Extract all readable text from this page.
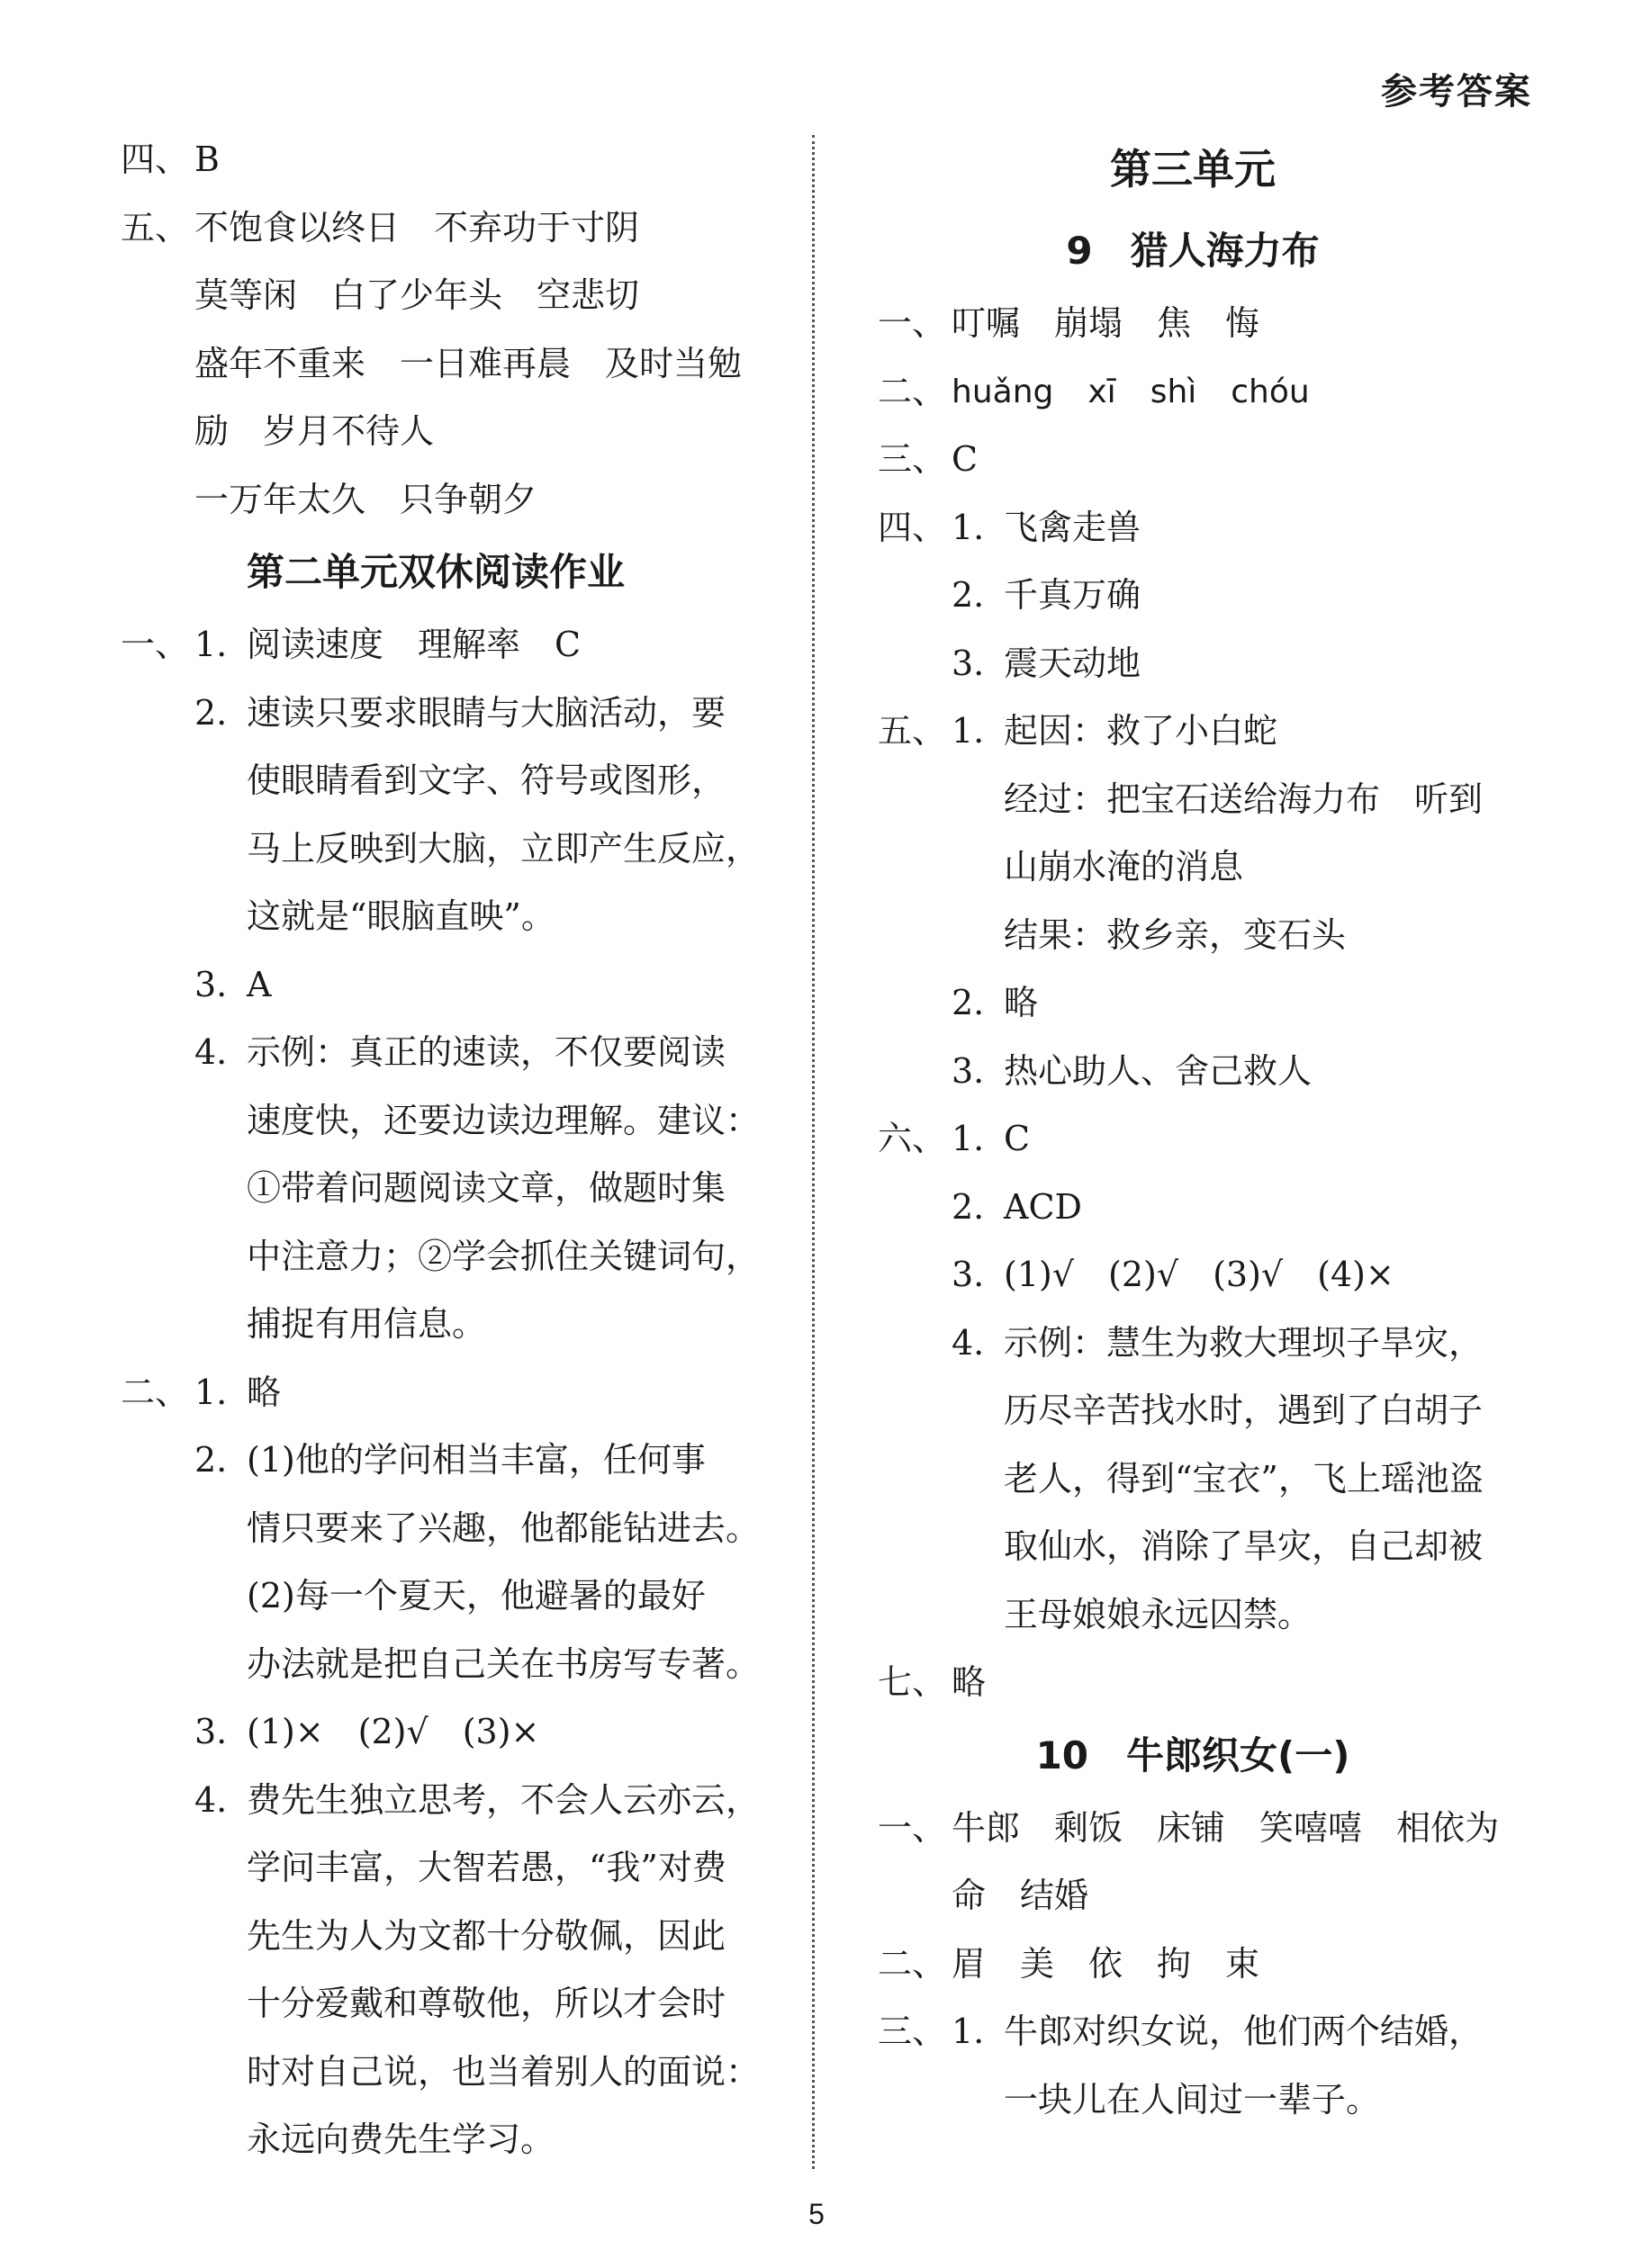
参考答案
四、 B
五、 不饱食以终日 不弃功于寸阴
莫等闲 白了少年头 空悲切
盛年不重来 一日难再晨 及时当勉
励 岁月不待人
一万年太久 只争朝夕
第二单元双休阅读作业
一、 1. 阅读速度 理解率 C
2. 速读只要求眼睛与大脑活动，要
使眼睛看到文字、符号或图形，
马上反映到大脑，立即产生反应，
这就是“眼脑直映”。
3. A
4. 示例：真正的速读，不仅要阅读
速度快，还要边读边理解。建议：
①带着问题阅读文章，做题时集
中注意力；②学会抓住关键词句，
捕捉有用信息。
二、 1. 略
2. (1)他的学问相当丰富，任何事
情只要来了兴趣，他都能钻进去。
(2)每一个夏天，他避暑的最好
办法就是把自己关在书房写专著。
3. (1)× (2)√ (3)×
4. 费先生独立思考，不会人云亦云，
学问丰富，大智若愚，“我”对费
先生为人为文都十分敬佩，因此
十分爱戴和尊敬他，所以才会时
时对自己说，也当着别人的面说：
永远向费先生学习。
第三单元
9　猎人海力布
一、 叮嘱 崩塌 焦 悔
二、 huǎng xī shì chóu
三、 C
四、 1. 飞禽走兽
2. 千真万确
3. 震天动地
五、 1. 起因：救了小白蛇
经过：把宝石送给海力布 听到
山崩水淹的消息
结果：救乡亲，变石头
2. 略
3. 热心助人、舍己救人
六、 1. C
2. ACD
3. (1)√ (2)√ (3)√ (4)×
4. 示例：慧生为救大理坝子旱灾，
历尽辛苦找水时，遇到了白胡子
老人，得到“宝衣”，飞上瑶池盗
取仙水，消除了旱灾，自己却被
王母娘娘永远囚禁。
七、 略
10　牛郎织女(一)
一、 牛郎 剩饭 床铺 笑嘻嘻 相依为
命 结婚
二、 眉　美　依　拘　束
三、 1. 牛郎对织女说，他们两个结婚，
一块儿在人间过一辈子。
5
